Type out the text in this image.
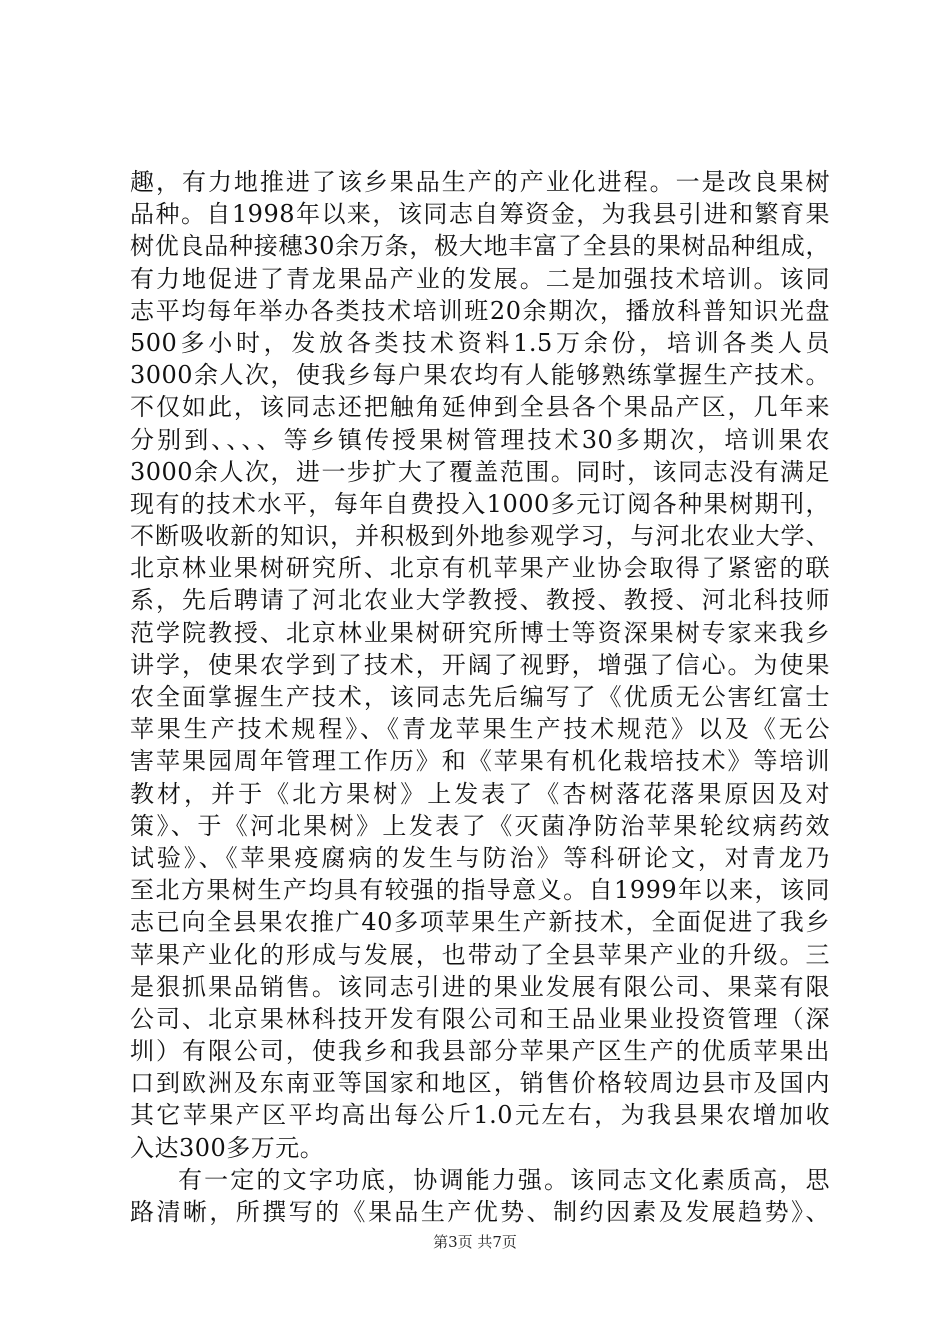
趣，有力地推进了该乡果品生产的产业化进程。一是改良果树
品种。自1998年以来，该同志自筹资金，为我县引进和繁育果
树优良品种接穗30余万条，极大地丰富了全县的果树品种组成，
有力地促进了青龙果品产业的发展。二是加强技术培训。该同
志平均每年举办各类技术培训班20余期次，播放科普知识光盘
500多小时，发放各类技术资料1.5万余份，培训各类人员
3000余人次，使我乡每户果农均有人能够熟练掌握生产技术。
不仅如此，该同志还把触角延伸到全县各个果品产区，几年来
分别到、、、、等乡镇传授果树管理技术30多期次，培训果农
3000余人次，进一步扩大了覆盖范围。同时，该同志没有满足
现有的技术水平，每年自费投入1000多元订阅各种果树期刊，
不断吸收新的知识，并积极到外地参观学习，与河北农业大学、
北京林业果树研究所、北京有机苹果产业协会取得了紧密的联
系，先后聘请了河北农业大学教授、教授、教授、河北科技师
范学院教授、北京林业果树研究所博士等资深果树专家来我乡
讲学，使果农学到了技术，开阔了视野，增强了信心。为使果
农全面掌握生产技术，该同志先后编写了《优质无公害红富士
苹果生产技术规程》、《青龙苹果生产技术规范》以及《无公
害苹果园周年管理工作历》和《苹果有机化栽培技术》等培训
教材，并于《北方果树》上发表了《杏树落花落果原因及对
策》、于《河北果树》上发表了《灭菌净防治苹果轮纹病药效
试验》、《苹果疫腐病的发生与防治》等科研论文，对青龙乃
至北方果树生产均具有较强的指导意义。自1999年以来，该同
志已向全县果农推广40多项苹果生产新技术，全面促进了我乡
苹果产业化的形成与发展，也带动了全县苹果产业的升级。三
是狠抓果品销售。该同志引进的果业发展有限公司、果菜有限
公司、北京果林科技开发有限公司和王品业果业投资管理（深
圳）有限公司，使我乡和我县部分苹果产区生产的优质苹果出
口到欧洲及东南亚等国家和地区，销售价格较周边县市及国内
其它苹果产区平均高出每公斤1.0元左右，为我县果农增加收
入达300多万元。
有一定的文字功底，协调能力强。该同志文化素质高，思
路清晰，所撰写的《果品生产优势、制约因素及发展趋势》、
第3页 共7页
